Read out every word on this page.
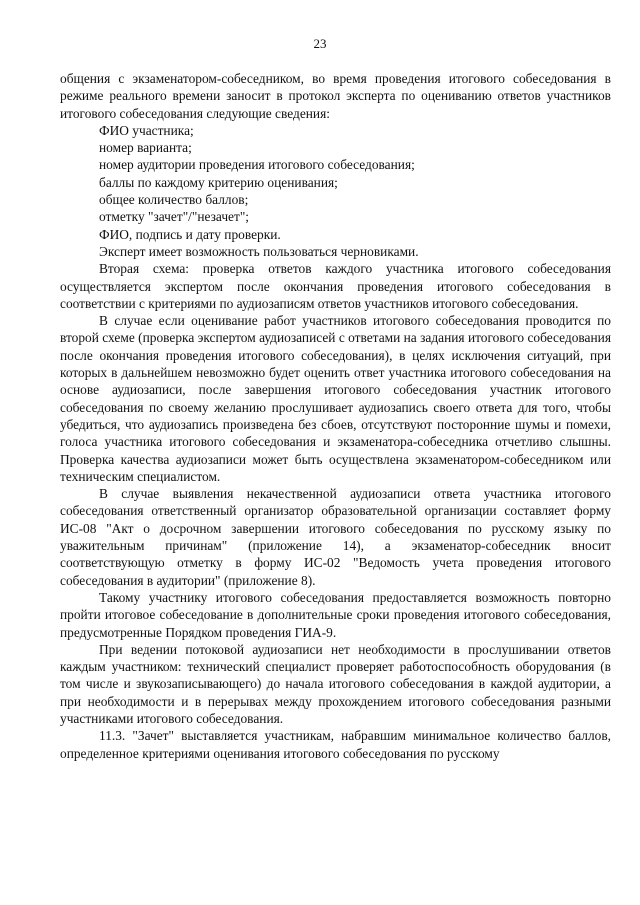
23

общения с экзаменатором-собеседником, во время проведения итогового собеседования в режиме реального времени заносит в протокол эксперта по оцениванию ответов участников итогового собеседования следующие сведения:

ФИО участника;

номер варианта;

номер аудитории проведения итогового собеседования;

баллы по каждому критерию оценивания;

общее количество баллов;

отметку "зачет"/"незачет";

ФИО, подпись и дату проверки.

Эксперт имеет возможность пользоваться черновиками.

Вторая схема: проверка ответов каждого участника итогового собеседования осуществляется экспертом после окончания проведения итогового собеседования в соответствии с критериями по аудиозаписям ответов участников итогового собеседования.

В случае если оценивание работ участников итогового собеседования проводится по второй схеме (проверка экспертом аудиозаписей с ответами на задания итогового собеседования после окончания проведения итогового собеседования), в целях исключения ситуаций, при которых в дальнейшем невозможно будет оценить ответ участника итогового собеседования на основе аудиозаписи, после завершения итогового собеседования участник итогового собеседования по своему желанию прослушивает аудиозапись своего ответа для того, чтобы убедиться, что аудиозапись произведена без сбоев, отсутствуют посторонние шумы и помехи, голоса участника итогового собеседования и экзаменатора-собеседника отчетливо слышны. Проверка качества аудиозаписи может быть осуществлена экзаменатором-собеседником или техническим специалистом.

В случае выявления некачественной аудиозаписи ответа участника итогового собеседования ответственный организатор образовательной организации составляет форму ИС-08 "Акт о досрочном завершении итогового собеседования по русскому языку по уважительным причинам" (приложение 14), а экзаменатор-собеседник вносит соответствующую отметку в форму ИС-02 "Ведомость учета проведения итогового собеседования в аудитории" (приложение 8).

Такому участнику итогового собеседования предоставляется возможность повторно пройти итоговое собеседование в дополнительные сроки проведения итогового собеседования, предусмотренные Порядком проведения ГИА-9.

При ведении потоковой аудиозаписи нет необходимости в прослушивании ответов каждым участником: технический специалист проверяет работоспособность оборудования (в том числе и звукозаписывающего) до начала итогового собеседования в каждой аудитории, а при необходимости и в перерывах между прохождением итогового собеседования разными участниками итогового собеседования.

11.3. "Зачет" выставляется участникам, набравшим минимальное количество баллов, определенное критериями оценивания итогового собеседования по русскому
